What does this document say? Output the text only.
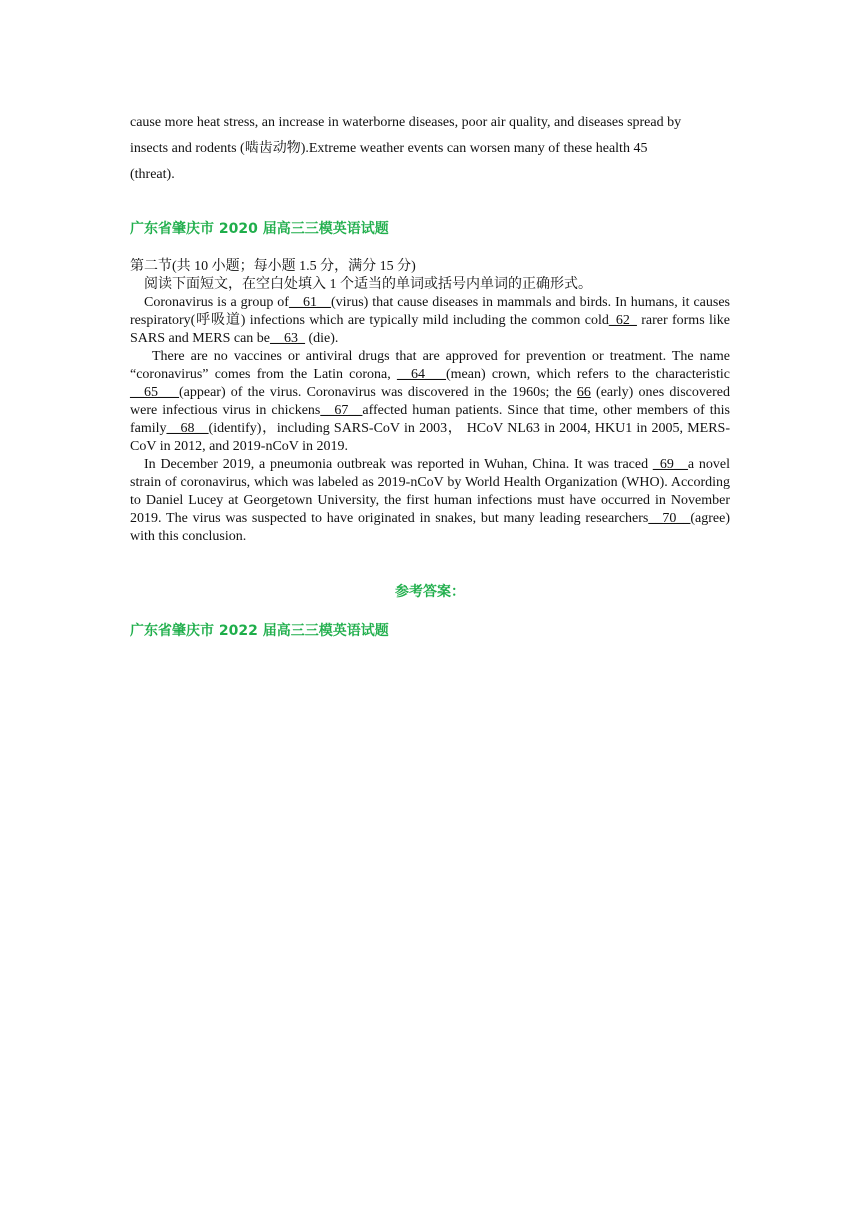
cause more heat stress, an increase in waterborne diseases, poor air quality, and diseases spread by
insects and rodents (啮齿动物).Extreme weather events can worsen many of these health 45
(threat).
广东省肇庆市 2020 届高三三模英语试题

第二节(共 10 小题；每小题 1.5 分，满分 15 分)

阅读下面短文，在空白处填入 1 个适当的单词或括号内单词的正确形式。

Coronavirus is a group of__61__(virus) that cause diseases in mammals and birds. In humans, it causes respiratory(呼吸道) infections which are typically mild including the common cold_62_ rarer forms like SARS and MERS can be__63_ (die).

There are no vaccines or antiviral drugs that are approved for prevention or treatment. The name “coronavirus” comes from the Latin corona, __64___(mean) crown, which refers to the characteristic __65___(appear) of the virus. Coronavirus was discovered in the 1960s; the 66 (early) ones discovered were infectious virus in chickens__67__affected human patients. Since that time, other members of this family__68__(identify)，including SARS-CoV in 2003， HCoV NL63 in 2004, HKU1 in 2005, MERS-CoV in 2012, and 2019-nCoV in 2019.

In December 2019, a pneumonia outbreak was reported in Wuhan, China. It was traced _69__a novel strain of coronavirus, which was labeled as 2019-nCoV by World Health Organization (WHO). According to Daniel Lucey at Georgetown University, the first human infections must have occurred in November 2019. The virus was suspected to have originated in snakes, but many leading researchers__70__(agree) with this conclusion.

参考答案：
广东省肇庆市 2022 届高三三模英语试题
